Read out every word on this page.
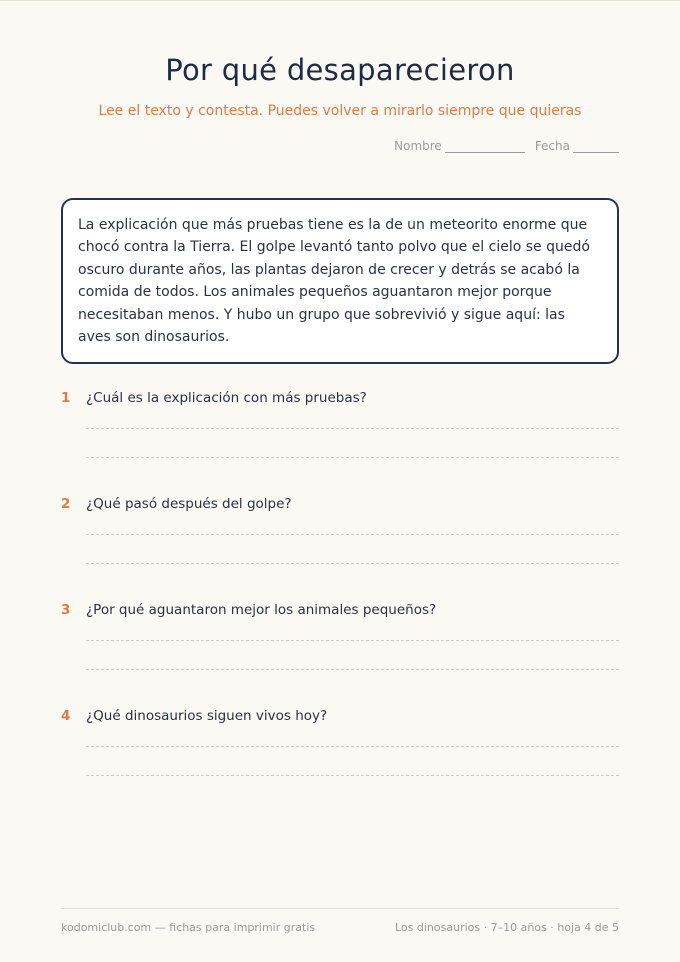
Por qué desaparecieron

Lee el texto y contesta. Puedes volver a mirarlo siempre que quieras

Nombre	Fecha

La explicación que más pruebas tiene es la de un meteorito enorme que chocó contra la Tierra. El golpe levantó tanto polvo que el cielo se quedó oscuro durante años, las plantas dejaron de crecer y detrás se acabó la comida de todos. Los animales pequeños aguantaron mejor porque necesitaban menos. Y hubo un grupo que sobrevivió y sigue aquí: las aves son dinosaurios.

1	¿Cuál es la explicación con más pruebas?
2	¿Qué pasó después del golpe?
3	¿Por qué aguantaron mejor los animales pequeños?
4	¿Qué dinosaurios siguen vivos hoy?
kodomiclub.com — fichas para imprimir gratis	Los dinosaurios · 7–10 años · hoja 4 de 5
